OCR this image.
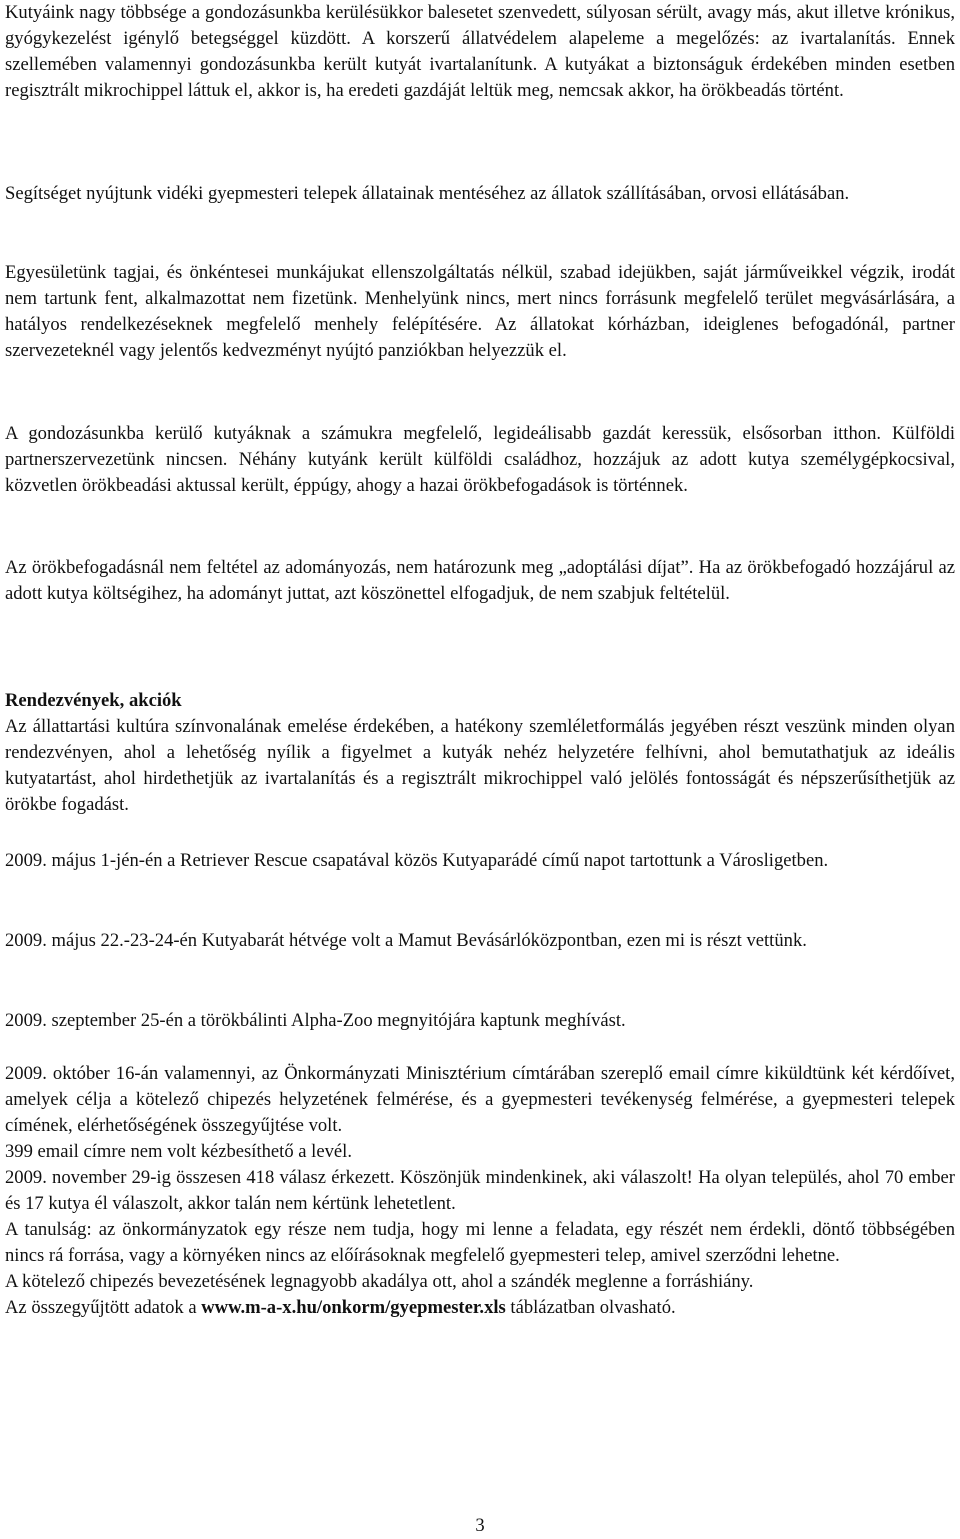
Kutyáink nagy többsége a gondozásunkba kerülésükkor balesetet szenvedett, súlyosan sérült, avagy más, akut illetve krónikus, gyógykezelést igénylő betegséggel küzdött. A korszerű állatvédelem alapeleme a megelőzés: az ivartalanítás. Ennek szellemében valamennyi gondozásunkba került kutyát ivartalanítunk. A kutyákat a biztonságuk érdekében minden esetben regisztrált mikrochippel láttuk el, akkor is, ha eredeti gazdáját leltük meg, nemcsak akkor, ha örökbeadás történt.

Segítséget nyújtunk vidéki gyepmesteri telepek állatainak mentéséhez az állatok szállításában, orvosi ellátásában.

Egyesületünk tagjai, és önkéntesei munkájukat ellenszolgáltatás nélkül, szabad idejükben, saját járműveikkel végzik, irodát nem tartunk fent, alkalmazottat nem fizetünk. Menhelyünk nincs, mert nincs forrásunk megfelelő terület megvásárlására, a hatályos rendelkezéseknek megfelelő menhely felépítésére. Az állatokat kórházban, ideiglenes befogadónál, partner szervezeteknél vagy jelentős kedvezményt nyújtó panziókban helyezzük el.

A gondozásunkba kerülő kutyáknak a számukra megfelelő, legideálisabb gazdát keressük, elsősorban itthon. Külföldi partnerszervezetünk nincsen. Néhány kutyánk került külföldi családhoz, hozzájuk az adott kutya személygépkocsival, közvetlen örökbeadási aktussal került, éppúgy, ahogy a hazai örökbefogadások is történnek.

Az örökbefogadásnál nem feltétel az adományozás, nem határozunk meg „adoptálási díjat”. Ha az örökbefogadó hozzájárul az adott kutya költségihez, ha adományt juttat, azt köszönettel elfogadjuk, de nem szabjuk feltételül.

Rendezvények, akciók

Az állattartási kultúra színvonalának emelése érdekében, a hatékony szemléletformálás jegyében részt veszünk minden olyan rendezvényen, ahol a lehetőség nyílik a figyelmet a kutyák nehéz helyzetére felhívni, ahol bemutathatjuk az ideális kutyatartást, ahol hirdethetjük az ivartalanítás és a regisztrált mikrochippel való jelölés fontosságát és népszerűsíthetjük az örökbe fogadást.

2009. május 1-jén-én a Retriever Rescue csapatával közös Kutyaparádé című napot tartottunk a Városligetben.

2009. május 22.-23-24-én Kutyabarát hétvége volt a Mamut Bevásárlóközpontban, ezen mi is részt vettünk.

2009. szeptember 25-én a törökbálinti Alpha-Zoo megnyitójára kaptunk meghívást.

2009. október 16-án valamennyi, az Önkormányzati Minisztérium címtárában szereplő email címre kiküldtünk két kérdőívet, amelyek célja a kötelező chipezés helyzetének felmérése, és a gyepmesteri tevékenység felmérése, a gyepmesteri telepek címének, elérhetőségének összegyűjtése volt.

399 email címre nem volt kézbesíthető a levél.

2009. november 29-ig összesen 418 válasz érkezett. Köszönjük mindenkinek, aki válaszolt! Ha olyan település, ahol 70 ember és 17 kutya él válaszolt, akkor talán nem kértünk lehetetlent.

A tanulság: az önkormányzatok egy része nem tudja, hogy mi lenne a feladata, egy részét nem érdekli, döntő többségében nincs rá forrása, vagy a környéken nincs az előírásoknak megfelelő gyepmesteri telep, amivel szerződni lehetne.

A kötelező chipezés bevezetésének legnagyobb akadálya ott, ahol a szándék meglenne a forráshiány.

Az összegyűjtött adatok a www.m-a-x.hu/onkorm/gyepmester.xls táblázatban olvasható.

3
